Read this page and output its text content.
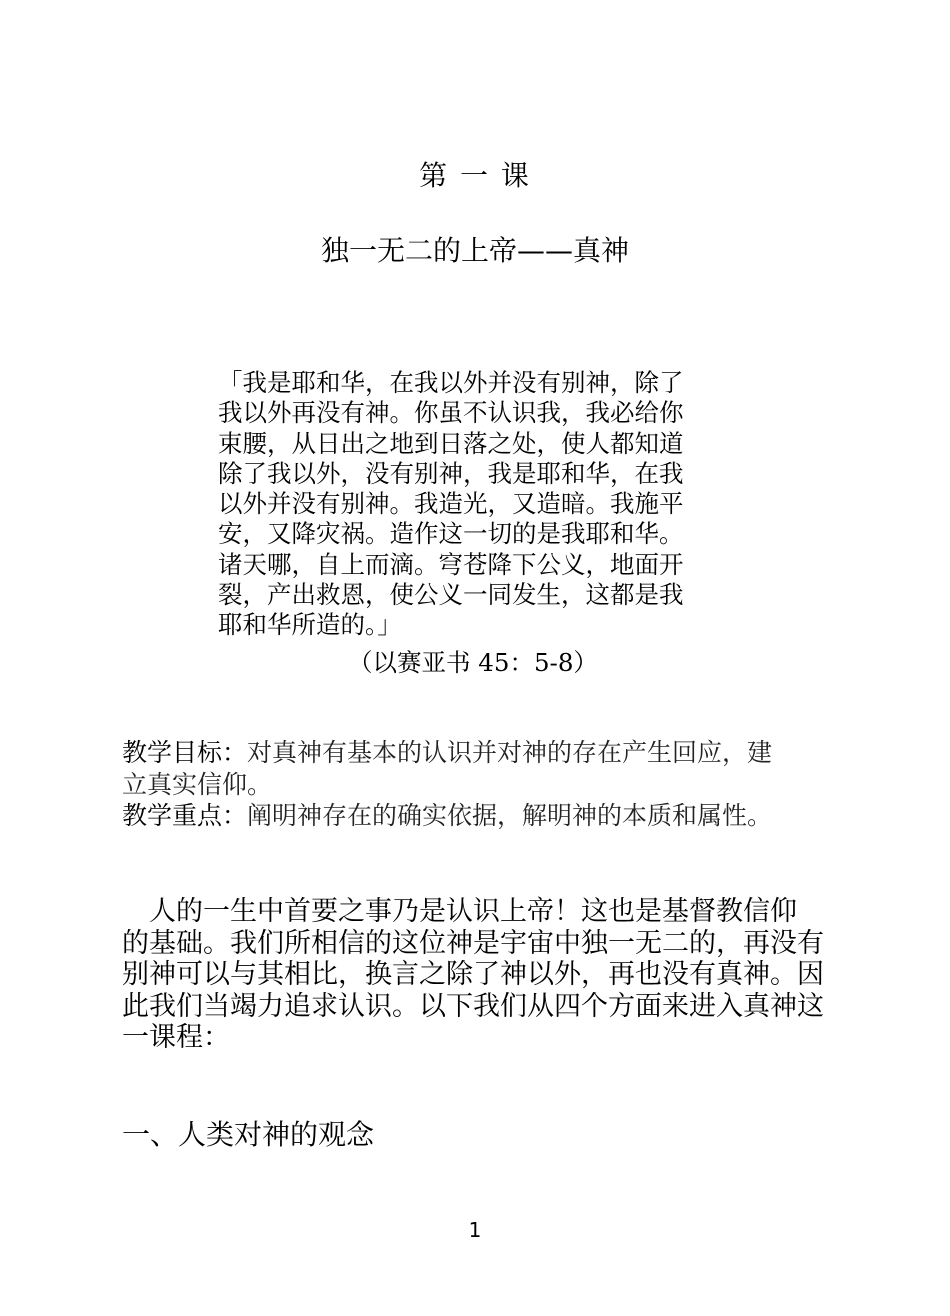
第 一 课
独一无二的上帝——真神
「我是耶和华，在我以外并没有别神，除了
我以外再没有神。你虽不认识我，我必给你
束腰，从日出之地到日落之处，使人都知道
除了我以外，没有别神，我是耶和华，在我
以外并没有别神。我造光，又造暗。我施平
安，又降灾祸。造作这一切的是我耶和华。
诸天哪，自上而滴。穹苍降下公义，地面开
裂，产出救恩，使公义一同发生，这都是我
耶和华所造的。」
（以赛亚书 45：5-8）
教学目标：对真神有基本的认识并对神的存在产生回应，建
立真实信仰。
教学重点：阐明神存在的确实依据，解明神的本质和属性。
　人的一生中首要之事乃是认识上帝！这也是基督教信仰
的基础。我们所相信的这位神是宇宙中独一无二的，再没有
别神可以与其相比，换言之除了神以外，再也没有真神。因
此我们当竭力追求认识。以下我们从四个方面来进入真神这
一课程：
一、人类对神的观念
1
